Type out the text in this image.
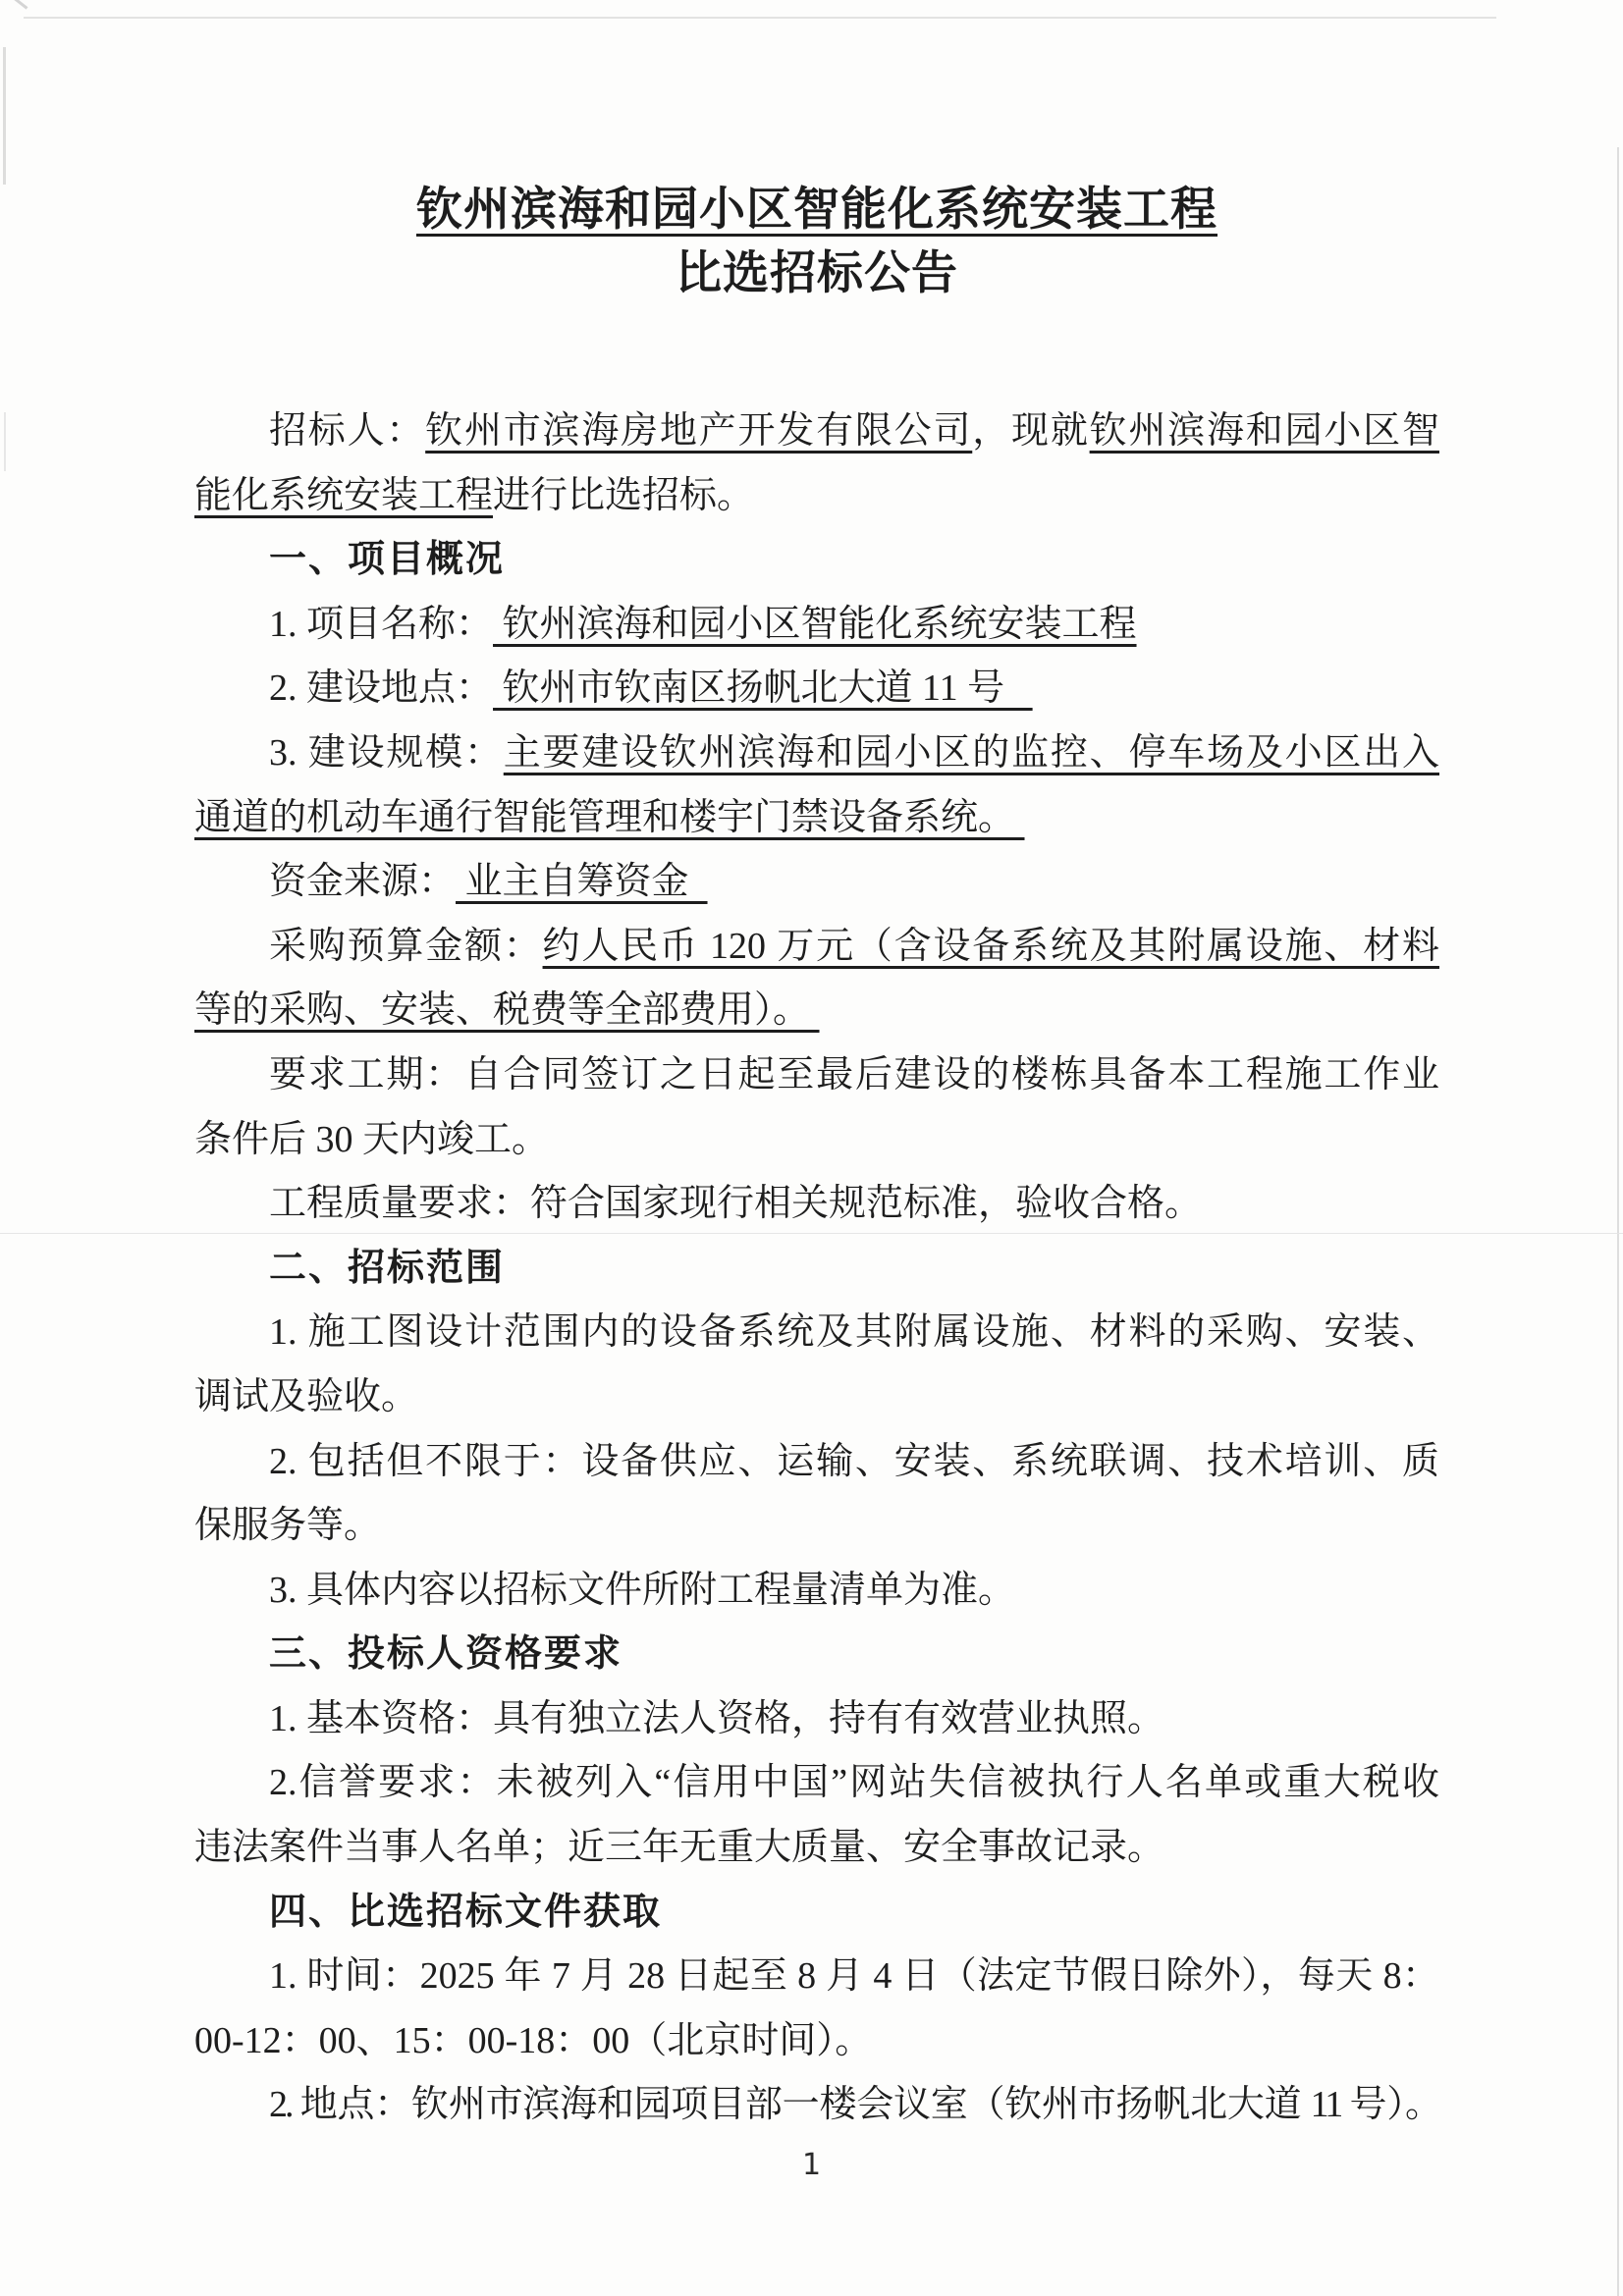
钦州滨海和园小区智能化系统安装工程
比选招标公告
招标人：钦州市滨海房地产开发有限公司，现就钦州滨海和园小区智
能化系统安装工程进行比选招标。
一、项目概况
1. 项目名称： 钦州滨海和园小区智能化系统安装工程
2. 建设地点： 钦州市钦南区扬帆北大道 11 号
3. 建设规模：主要建设钦州滨海和园小区的监控、停车场及小区出入
通道的机动车通行智能管理和楼宇门禁设备系统。
资金来源： 业主自筹资金
采购预算金额：约人民币 120 万元（含设备系统及其附属设施、材料
等的采购、安装、税费等全部费用）。
要求工期：自合同签订之日起至最后建设的楼栋具备本工程施工作业
条件后 30 天内竣工。
工程质量要求：符合国家现行相关规范标准，验收合格。
二、招标范围
1. 施工图设计范围内的设备系统及其附属设施、材料的采购、安装、
调试及验收。
2. 包括但不限于：设备供应、运输、安装、系统联调、技术培训、质
保服务等。
3. 具体内容以招标文件所附工程量清单为准。
三、投标人资格要求
1. 基本资格：具有独立法人资格，持有有效营业执照。
2.信誉要求：未被列入“信用中国”网站失信被执行人名单或重大税收
违法案件当事人名单；近三年无重大质量、安全事故记录。
四、比选招标文件获取
1. 时间：2025 年 7 月 28 日起至 8 月 4 日（法定节假日除外），每天 8：
00-12：00、15：00-18：00（北京时间）。
2. 地点：钦州市滨海和园项目部一楼会议室（钦州市扬帆北大道 11 号）。
1
